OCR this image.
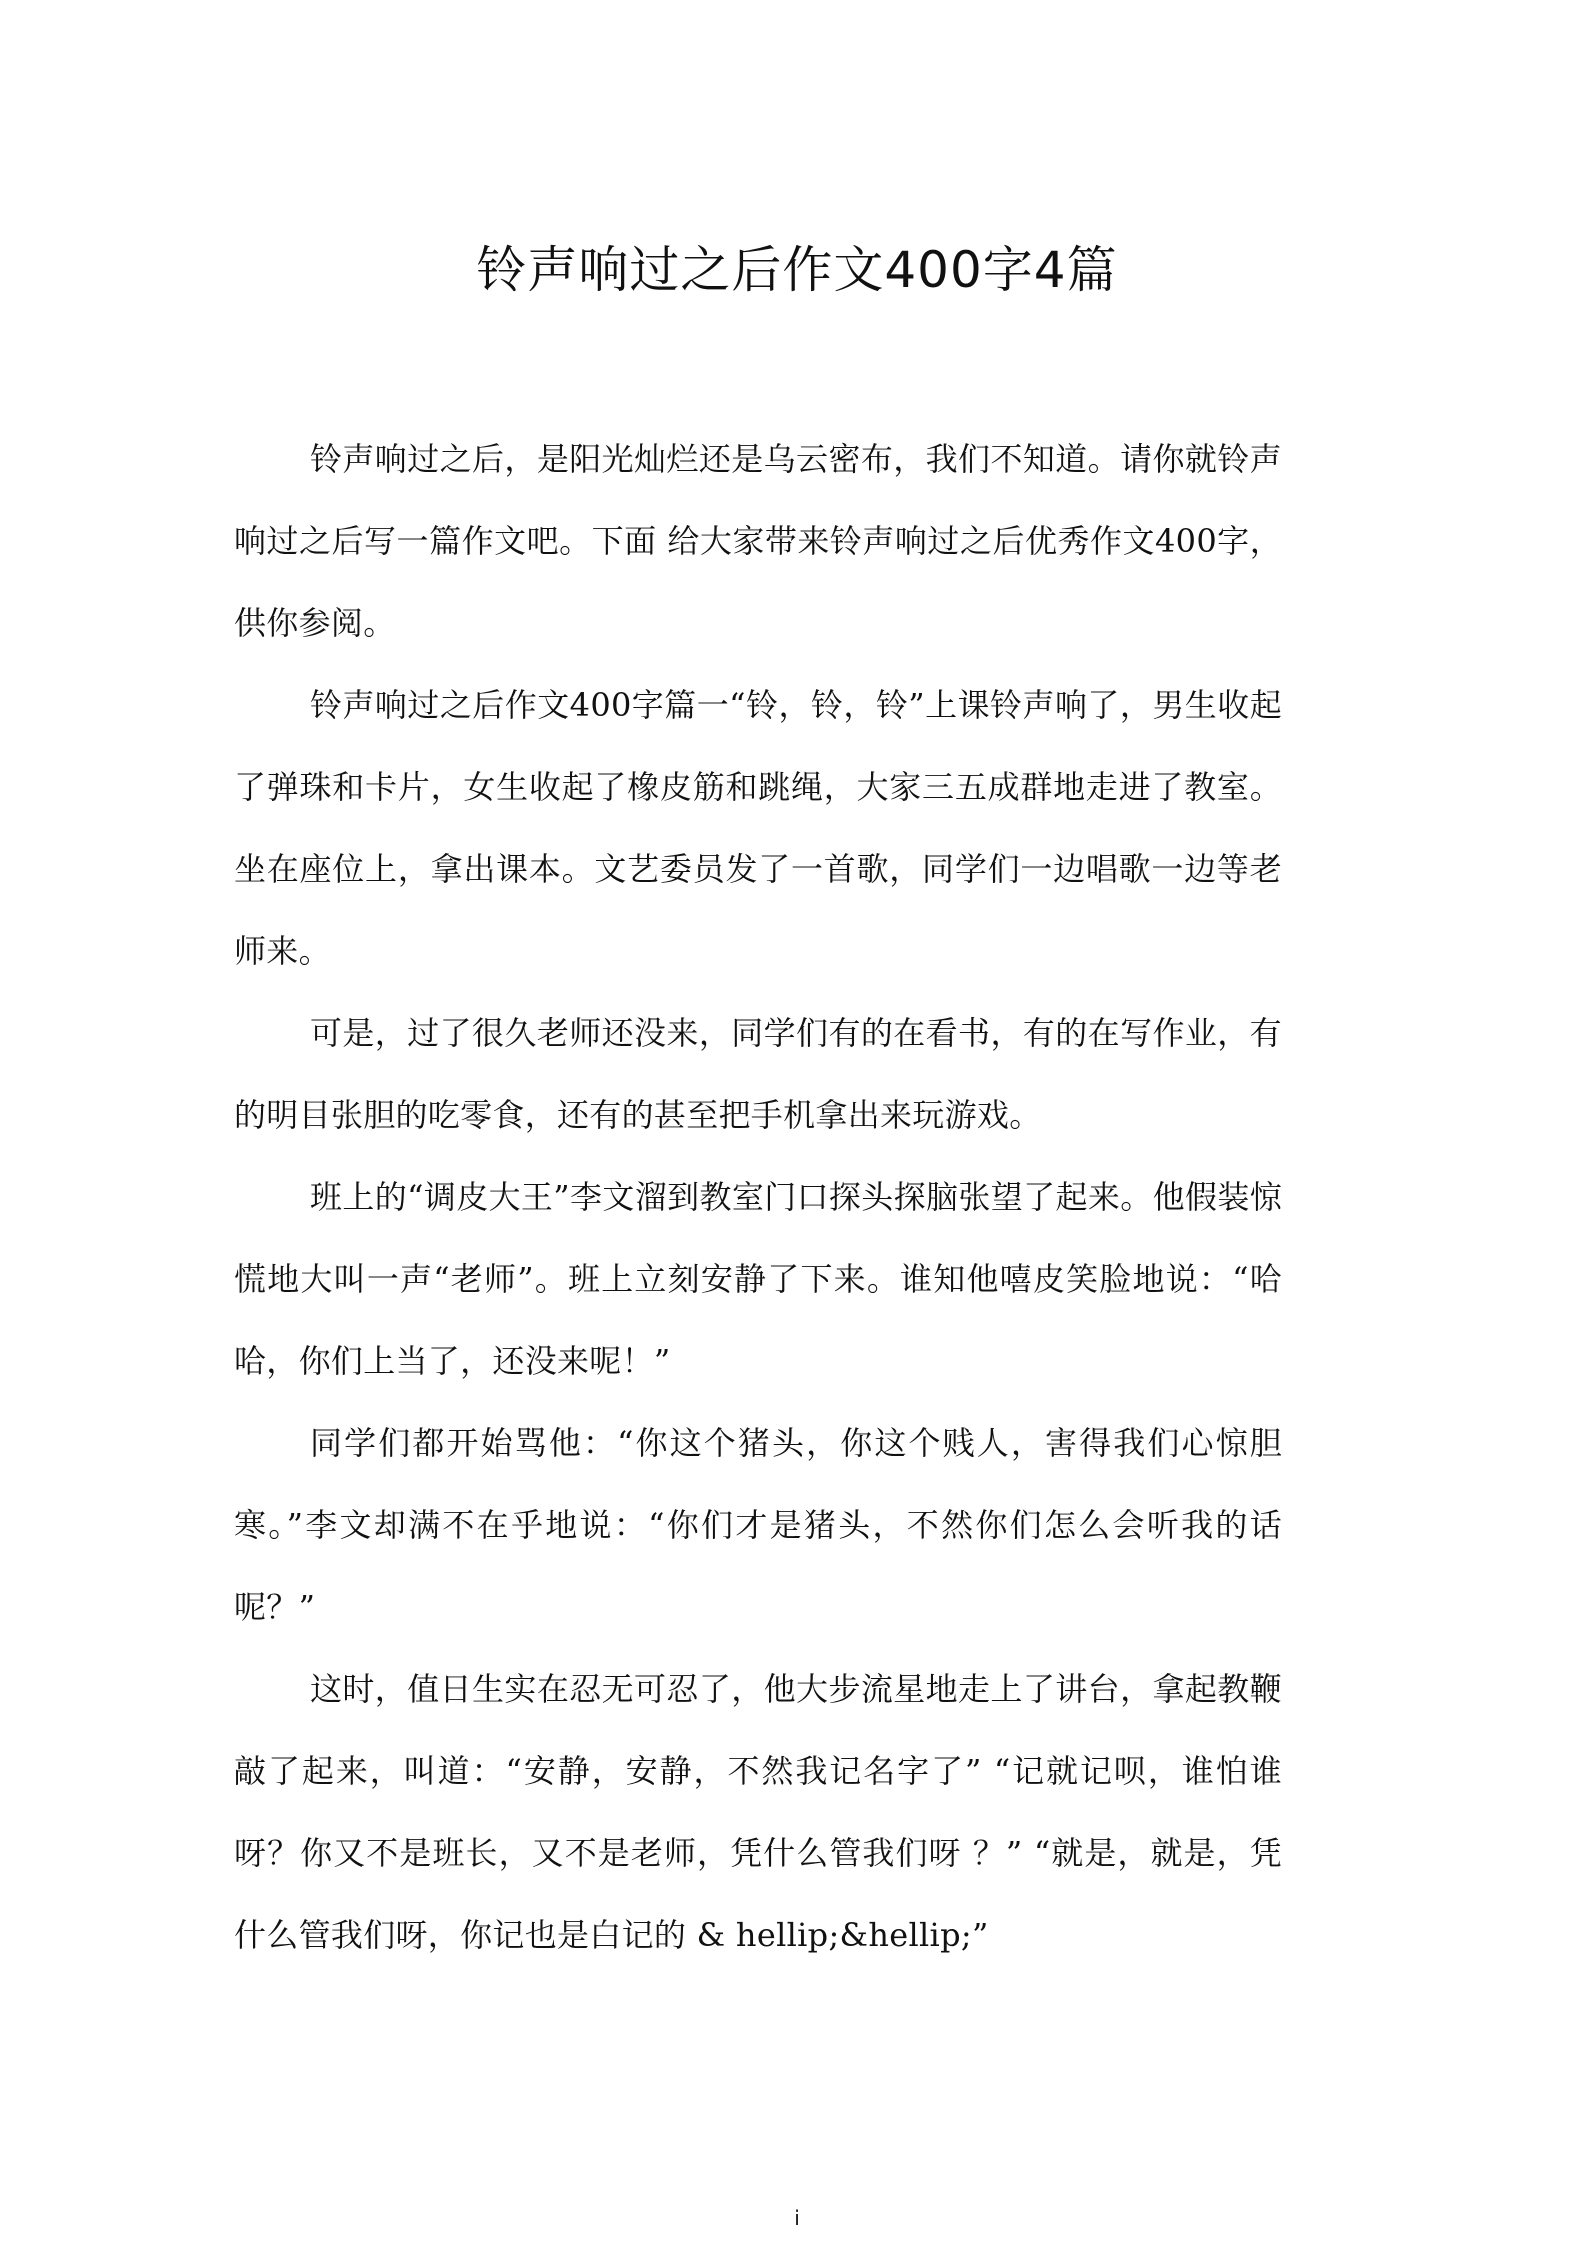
铃声响过之后作文400字4篇

铃声响过之后，是阳光灿烂还是乌云密布，我们不知道。请你就铃声响过之后写一篇作文吧。下面 给大家带来铃声响过之后优秀作文400字，供你参阅。

铃声响过之后作文400字篇一“铃，铃，铃”上课铃声响了，男生收起了弹珠和卡片，女生收起了橡皮筋和跳绳，大家三五成群地走进了教室。坐在座位上，拿出课本。文艺委员发了一首歌，同学们一边唱歌一边等老师来。

可是，过了很久老师还没来，同学们有的在看书，有的在写作业，有的明目张胆的吃零食，还有的甚至把手机拿出来玩游戏。

班上的“调皮大王”李文溜到教室门口探头探脑张望了起来。他假装惊慌地大叫一声“老师”。班上立刻安静了下来。谁知他嘻皮笑脸地说：“哈哈，你们上当了，还没来呢！”

同学们都开始骂他：“你这个猪头，你这个贱人，害得我们心惊胆寒。”李文却满不在乎地说：“你们才是猪头，不然你们怎么会听我的话呢？”

这时，值日生实在忍无可忍了，他大步流星地走上了讲台，拿起教鞭敲了起来，叫道：“安静，安静，不然我记名字了” “记就记呗，谁怕谁呀？你又不是班长，又不是老师，凭什么管我们呀 ？” “就是，就是，凭什么管我们呀，你记也是白记的 & hellip;&hellip;”

i
